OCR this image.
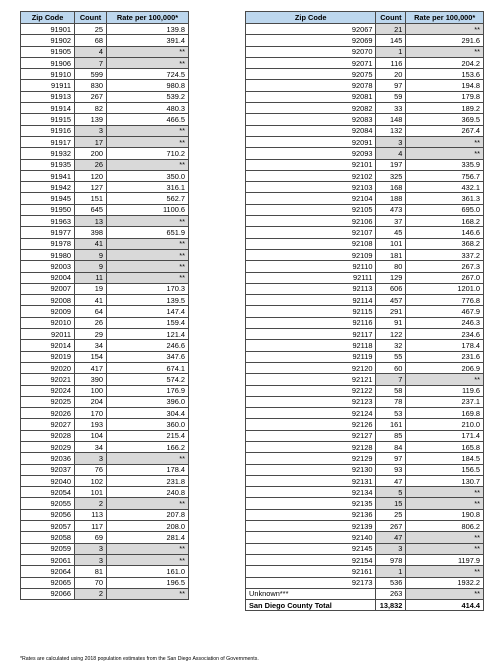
Zip Code	Count	Rate per 100,000*
91901	25	139.8
91902	68	391.4
91905	4	**
91906	7	**
91910	599	724.5
91911	830	980.8
91913	267	539.2
91914	82	480.3
91915	139	466.5
91916	3	**
91917	17	**
91932	200	710.2
91935	26	**
91941	120	350.0
91942	127	316.1
91945	151	562.7
91950	645	1100.6
91963	13	**
91977	398	651.9
91978	41	**
91980	9	**
92003	9	**
92004	11	**
92007	19	170.3
92008	41	139.5
92009	64	147.4
92010	26	159.4
92011	29	121.4
92014	34	246.6
92019	154	347.6
92020	417	674.1
92021	390	574.2
92024	100	176.9
92025	204	396.0
92026	170	304.4
92027	193	360.0
92028	104	215.4
92029	34	166.2
92036	3	**
92037	76	178.4
92040	102	231.8
92054	101	240.8
92055	2	**
92056	113	207.8
92057	117	208.0
92058	69	281.4
92059	3	**
92061	3	**
92064	81	161.0
92065	70	196.5
92066	2	**
Zip Code	Count	Rate per 100,000*
92067	21	**
92069	145	291.6
92070	1	**
92071	116	204.2
92075	20	153.6
92078	97	194.8
92081	59	179.8
92082	33	189.2
92083	148	369.5
92084	132	267.4
92091	3	**
92093	4	**
92101	197	335.9
92102	325	756.7
92103	168	432.1
92104	188	361.3
92105	473	695.0
92106	37	168.2
92107	45	146.6
92108	101	368.2
92109	181	337.2
92110	80	267.3
92111	129	267.0
92113	606	1201.0
92114	457	776.8
92115	291	467.9
92116	91	246.3
92117	122	234.6
92118	32	178.4
92119	55	231.6
92120	60	206.9
92121	7	**
92122	58	119.6
92123	78	237.1
92124	53	169.8
92126	161	210.0
92127	85	171.4
92128	84	165.8
92129	97	184.5
92130	93	156.5
92131	47	130.7
92134	5	**
92135	15	**
92136	25	190.8
92139	267	806.2
92140	47	**
92145	3	**
92154	978	1197.9
92161	1	**
92173	536	1932.2
Unknown***	263	**
San Diego County Total	13,832	414.4
*Rates are calculated using 2018 population estimates from the San Diego Association of Governments.
